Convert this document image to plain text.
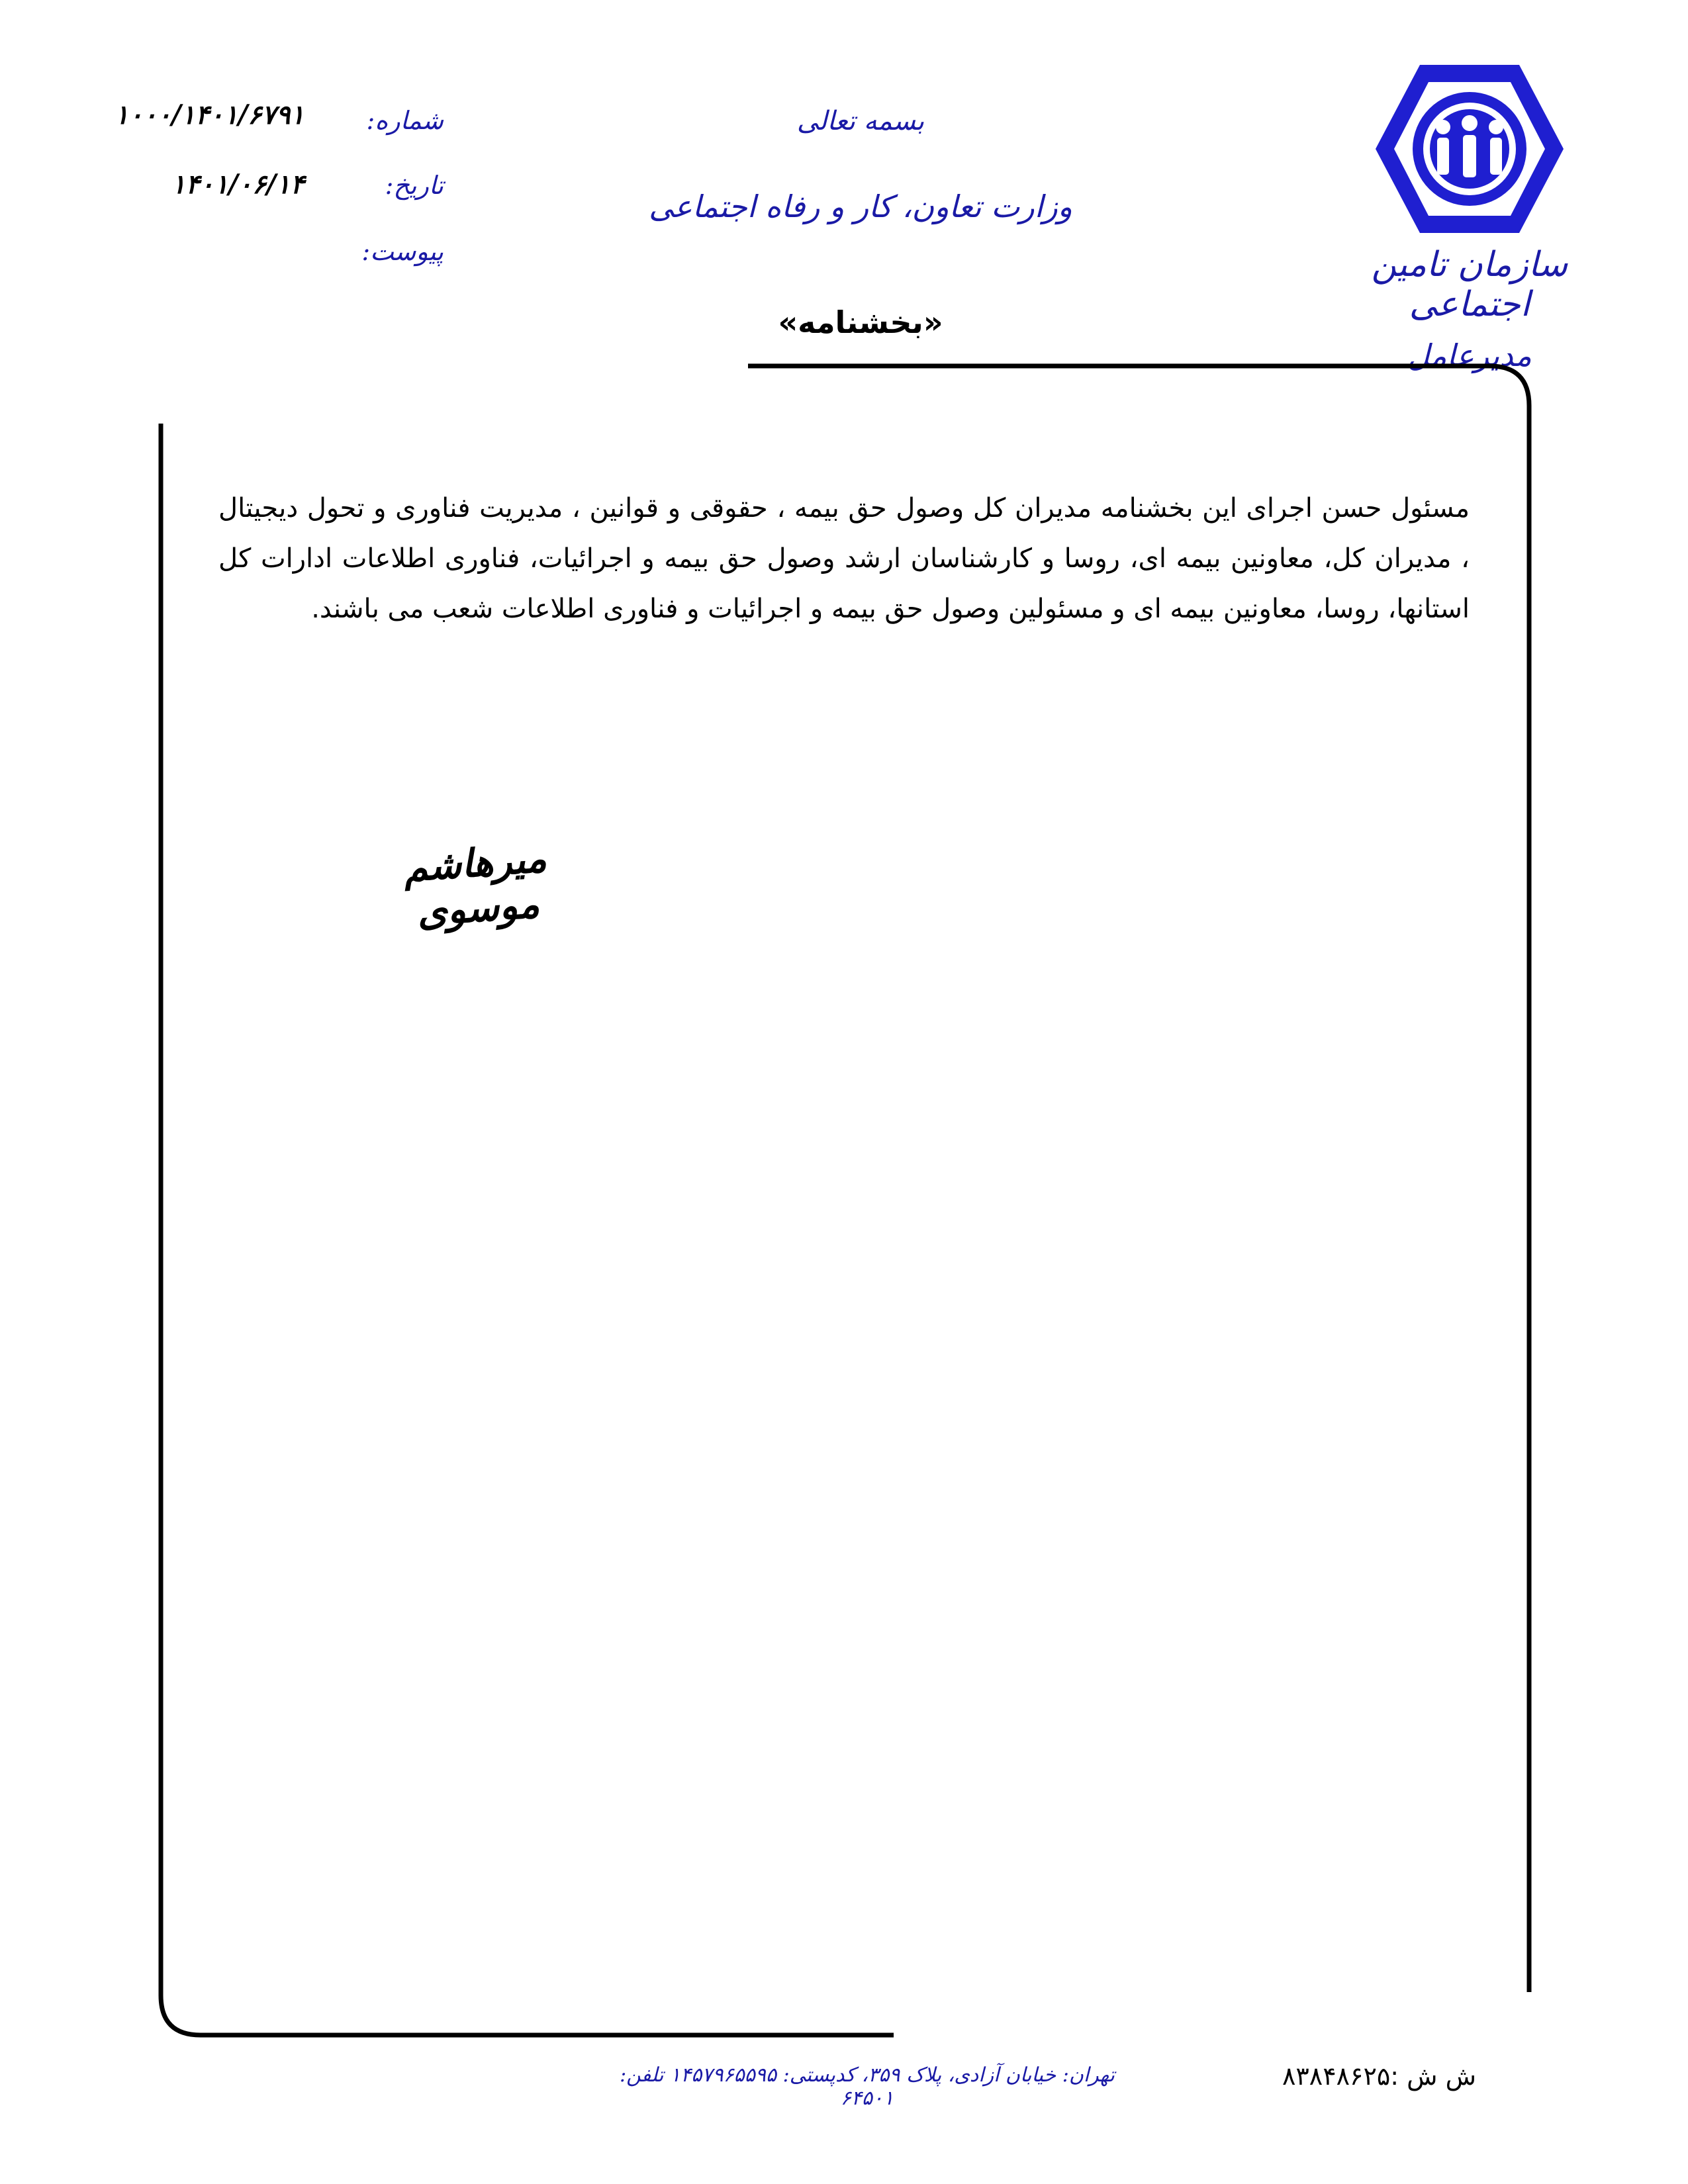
سازمان تامین اجتماعی
مدیرعامل
بسمه تعالی
وزارت تعاون، کار و رفاه اجتماعی
«بخشنامه»
شماره:
۱۰۰۰/۱۴۰۱/۶۷۹۱
تاریخ:
۱۴۰۱/۰۶/۱۴
پیوست:
مسئول حسن اجرای این بخشنامه مدیران کل وصول حق بیمه ، حقوقی و قوانین ، مدیریت فناوری و تحول دیجیتال ، مدیران کل، معاونین بیمه ای، روسا و کارشناسان ارشد وصول حق بیمه و اجرائیات، فناوری اطلاعات ادارات کل استانها، روسا، معاونین بیمه ای و مسئولین وصول حق بیمه و اجرائیات و فناوری اطلاعات شعب می باشند.
میرهاشم موسوی
ش ش :۸۳۸۴۸۶۲۵
تهران: خیابان آزادی، پلاک ۳۵۹، کدپستی: ۱۴۵۷۹۶۵۵۹۵ تلفن: ۶۴۵۰۱
